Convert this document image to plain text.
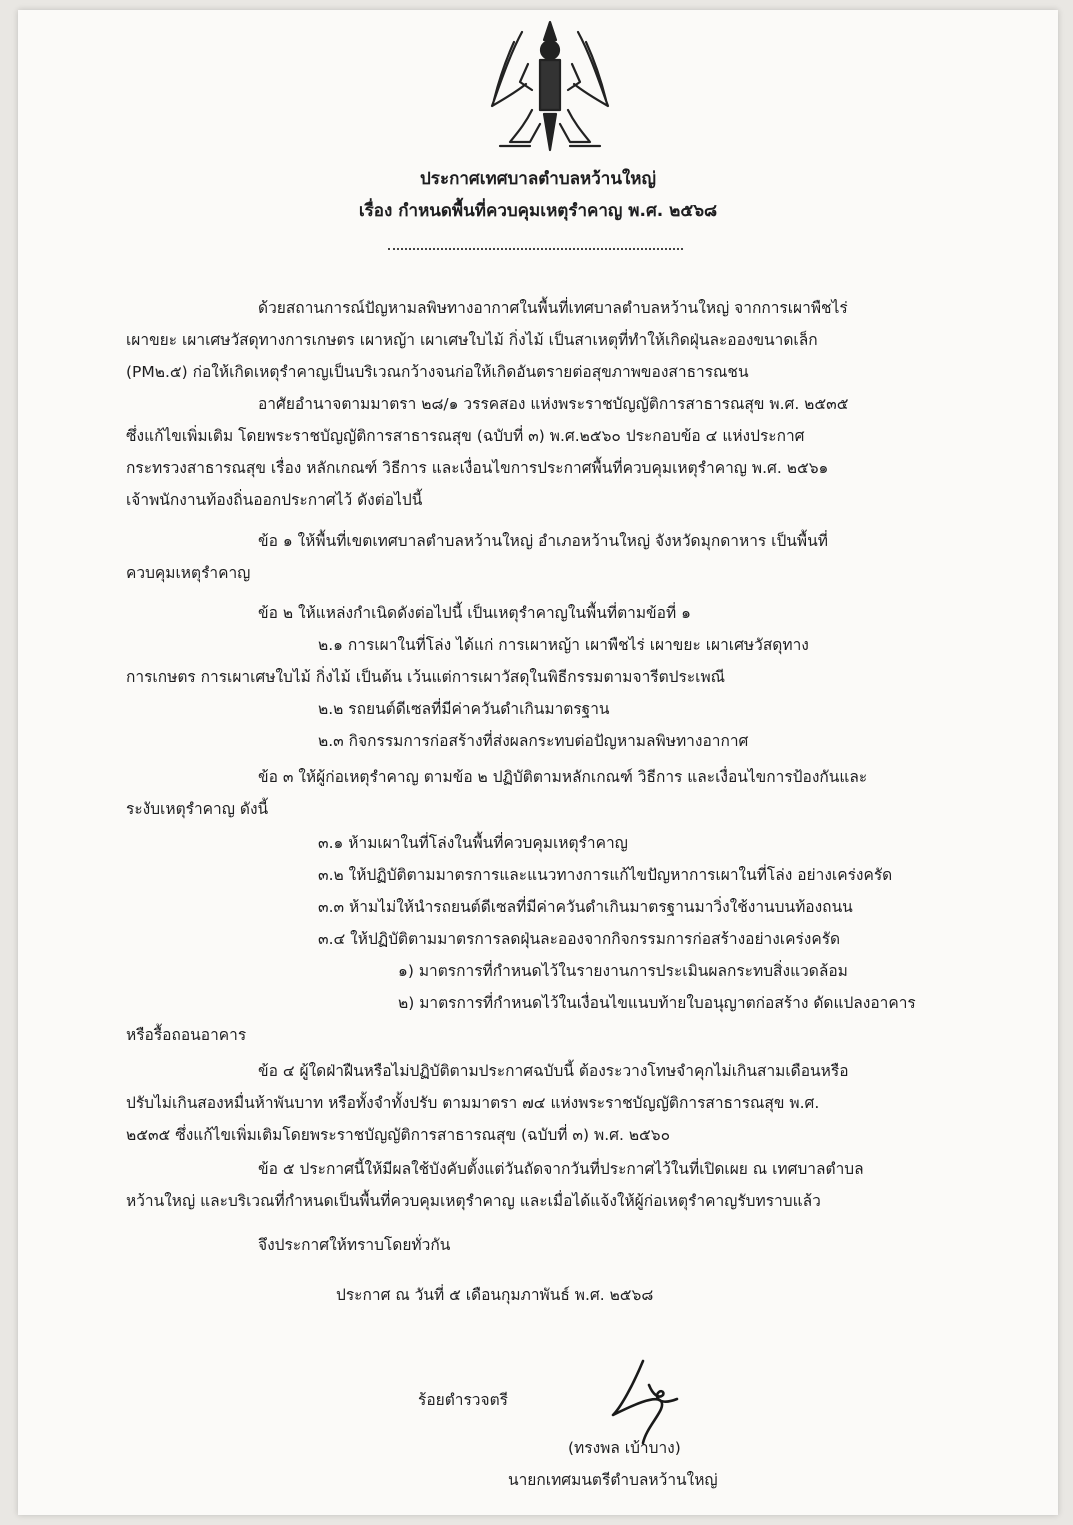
ประกาศเทศบาลตำบลหว้านใหญ่
เรื่อง กำหนดพื้นที่ควบคุมเหตุรำคาญ พ.ศ. ๒๕๖๘
ด้วยสถานการณ์ปัญหามลพิษทางอากาศในพื้นที่เทศบาลตำบลหว้านใหญ่ จากการเผาพืชไร่
เผาขยะ เผาเศษวัสดุทางการเกษตร เผาหญ้า เผาเศษใบไม้ กิ่งไม้ เป็นสาเหตุที่ทำให้เกิดฝุ่นละอองขนาดเล็ก
(PM๒.๕) ก่อให้เกิดเหตุรำคาญเป็นบริเวณกว้างจนก่อให้เกิดอันตรายต่อสุขภาพของสาธารณชน
อาศัยอำนาจตามมาตรา ๒๘/๑ วรรคสอง แห่งพระราชบัญญัติการสาธารณสุข พ.ศ. ๒๕๓๕
ซึ่งแก้ไขเพิ่มเติม โดยพระราชบัญญัติการสาธารณสุข (ฉบับที่ ๓) พ.ศ.๒๕๖๐ ประกอบข้อ ๔ แห่งประกาศ
กระทรวงสาธารณสุข เรื่อง หลักเกณฑ์ วิธีการ และเงื่อนไขการประกาศพื้นที่ควบคุมเหตุรำคาญ พ.ศ. ๒๕๖๑
เจ้าพนักงานท้องถิ่นออกประกาศไว้ ดังต่อไปนี้
ข้อ ๑ ให้พื้นที่เขตเทศบาลตำบลหว้านใหญ่ อำเภอหว้านใหญ่ จังหวัดมุกดาหาร เป็นพื้นที่
ควบคุมเหตุรำคาญ
ข้อ ๒ ให้แหล่งกำเนิดดังต่อไปนี้ เป็นเหตุรำคาญในพื้นที่ตามข้อที่ ๑
๒.๑ การเผาในที่โล่ง ได้แก่ การเผาหญ้า เผาพืชไร่ เผาขยะ เผาเศษวัสดุทาง
การเกษตร การเผาเศษใบไม้ กิ่งไม้ เป็นต้น เว้นแต่การเผาวัสดุในพิธีกรรมตามจารีตประเพณี
๒.๒ รถยนต์ดีเซลที่มีค่าควันดำเกินมาตรฐาน
๒.๓ กิจกรรมการก่อสร้างที่ส่งผลกระทบต่อปัญหามลพิษทางอากาศ
ข้อ ๓ ให้ผู้ก่อเหตุรำคาญ ตามข้อ ๒ ปฏิบัติตามหลักเกณฑ์ วิธีการ และเงื่อนไขการป้องกันและ
ระงับเหตุรำคาญ ดังนี้
๓.๑ ห้ามเผาในที่โล่งในพื้นที่ควบคุมเหตุรำคาญ
๓.๒ ให้ปฏิบัติตามมาตรการและแนวทางการแก้ไขปัญหาการเผาในที่โล่ง อย่างเคร่งครัด
๓.๓ ห้ามไม่ให้นำรถยนต์ดีเซลที่มีค่าควันดำเกินมาตรฐานมาวิ่งใช้งานบนท้องถนน
๓.๔ ให้ปฏิบัติตามมาตรการลดฝุ่นละอองจากกิจกรรมการก่อสร้างอย่างเคร่งครัด
๑) มาตรการที่กำหนดไว้ในรายงานการประเมินผลกระทบสิ่งแวดล้อม
๒) มาตรการที่กำหนดไว้ในเงื่อนไขแนบท้ายใบอนุญาตก่อสร้าง ดัดแปลงอาคาร
หรือรื้อถอนอาคาร
ข้อ ๔ ผู้ใดฝ่าฝืนหรือไม่ปฏิบัติตามประกาศฉบับนี้ ต้องระวางโทษจำคุกไม่เกินสามเดือนหรือ
ปรับไม่เกินสองหมื่นห้าพันบาท หรือทั้งจำทั้งปรับ ตามมาตรา ๗๔ แห่งพระราชบัญญัติการสาธารณสุข พ.ศ.
๒๕๓๕ ซึ่งแก้ไขเพิ่มเติมโดยพระราชบัญญัติการสาธารณสุข (ฉบับที่ ๓) พ.ศ. ๒๕๖๐
ข้อ ๕ ประกาศนี้ให้มีผลใช้บังคับตั้งแต่วันถัดจากวันที่ประกาศไว้ในที่เปิดเผย ณ เทศบาลตำบล
หว้านใหญ่ และบริเวณที่กำหนดเป็นพื้นที่ควบคุมเหตุรำคาญ และเมื่อได้แจ้งให้ผู้ก่อเหตุรำคาญรับทราบแล้ว
จึงประกาศให้ทราบโดยทั่วกัน
ประกาศ ณ วันที่ ๕ เดือนกุมภาพันธ์ พ.ศ. ๒๕๖๘
ร้อยตำรวจตรี
(ทรงพล เบ้าบาง)
นายกเทศมนตรีตำบลหว้านใหญ่
